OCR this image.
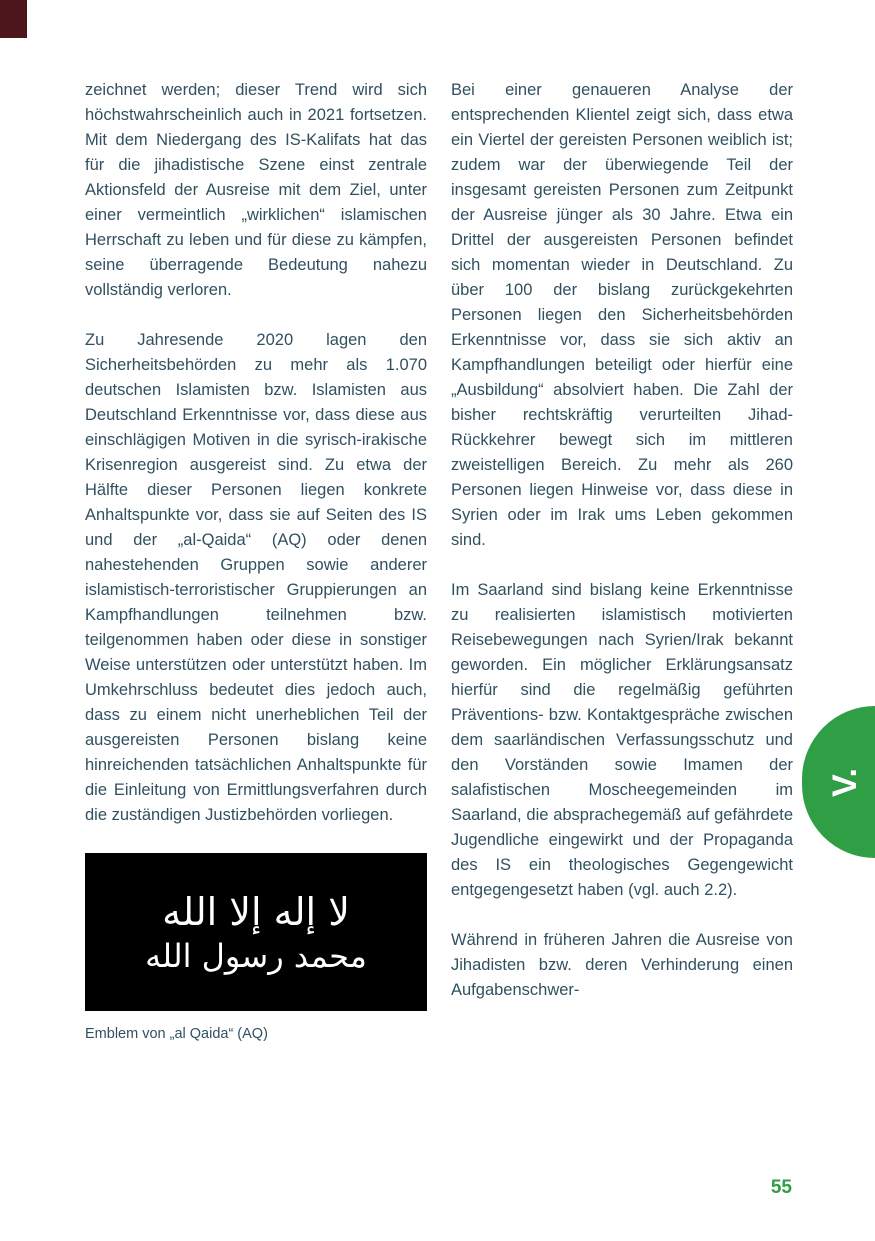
zeichnet werden; dieser Trend wird sich höchstwahrscheinlich auch in 2021 fortsetzen. Mit dem Niedergang des IS-Kalifats hat das für die jihadistische Szene einst zentrale Aktionsfeld der Ausreise mit dem Ziel, unter einer vermeintlich „wirklichen“ islamischen Herrschaft zu leben und für diese zu kämpfen, seine überragende Bedeutung nahezu vollständig verloren.

Zu Jahresende 2020 lagen den Sicherheitsbehörden zu mehr als 1.070 deutschen Islamisten bzw. Islamisten aus Deutschland Erkenntnisse vor, dass diese aus einschlägigen Motiven in die syrisch-irakische Krisenregion ausgereist sind. Zu etwa der Hälfte dieser Personen liegen konkrete Anhaltspunkte vor, dass sie auf Seiten des IS und der „al-Qaida“ (AQ) oder denen nahestehenden Gruppen sowie anderer islamistisch-terroristischer Gruppierungen an Kampfhandlungen teilnehmen bzw. teilgenommen haben oder diese in sonstiger Weise unterstützen oder unterstützt haben. Im Umkehrschluss bedeutet dies jedoch auch, dass zu einem nicht unerheblichen Teil der ausgereisten Personen bislang keine hinreichenden tatsächlichen Anhaltspunkte für die Einleitung von Ermittlungsverfahren durch die zuständigen Justizbehörden vorliegen.

لا إله إلا الله
محمد رسول الله
Emblem von „al Qaida“ (AQ)

Bei einer genaueren Analyse der entsprechenden Klientel zeigt sich, dass etwa ein Viertel der gereisten Personen weiblich ist; zudem war der überwiegende Teil der insgesamt gereisten Personen zum Zeitpunkt der Ausreise jünger als 30 Jahre. Etwa ein Drittel der ausgereisten Personen befindet sich momentan wieder in Deutschland. Zu über 100 der bislang zurückgekehrten Personen liegen den Sicherheitsbehörden Erkenntnisse vor, dass sie sich aktiv an Kampfhandlungen beteiligt oder hierfür eine „Ausbildung“ absolviert haben. Die Zahl der bisher rechtskräftig verurteilten Jihad-Rückkehrer bewegt sich im mittleren zweistelligen Bereich. Zu mehr als 260 Personen liegen Hinweise vor, dass diese in Syrien oder im Irak ums Leben gekommen sind.

Im Saarland sind bislang keine Erkenntnisse zu realisierten islamistisch motivierten Reisebewegungen nach Syrien/Irak bekannt geworden. Ein möglicher Erklärungsansatz hierfür sind die regelmäßig geführten Präventions- bzw. Kontaktgespräche zwischen dem saarländischen Verfassungsschutz und den Vorständen sowie Imamen der salafistischen Moscheegemeinden im Saarland, die absprachegemäß auf gefährdete Jugendliche eingewirkt und der Propaganda des IS ein theologisches Gegengewicht entgegengesetzt haben (vgl. auch 2.2).

Während in früheren Jahren die Ausreise von Jihadisten bzw. deren Verhinderung einen Aufgabenschwer-

V.
55
